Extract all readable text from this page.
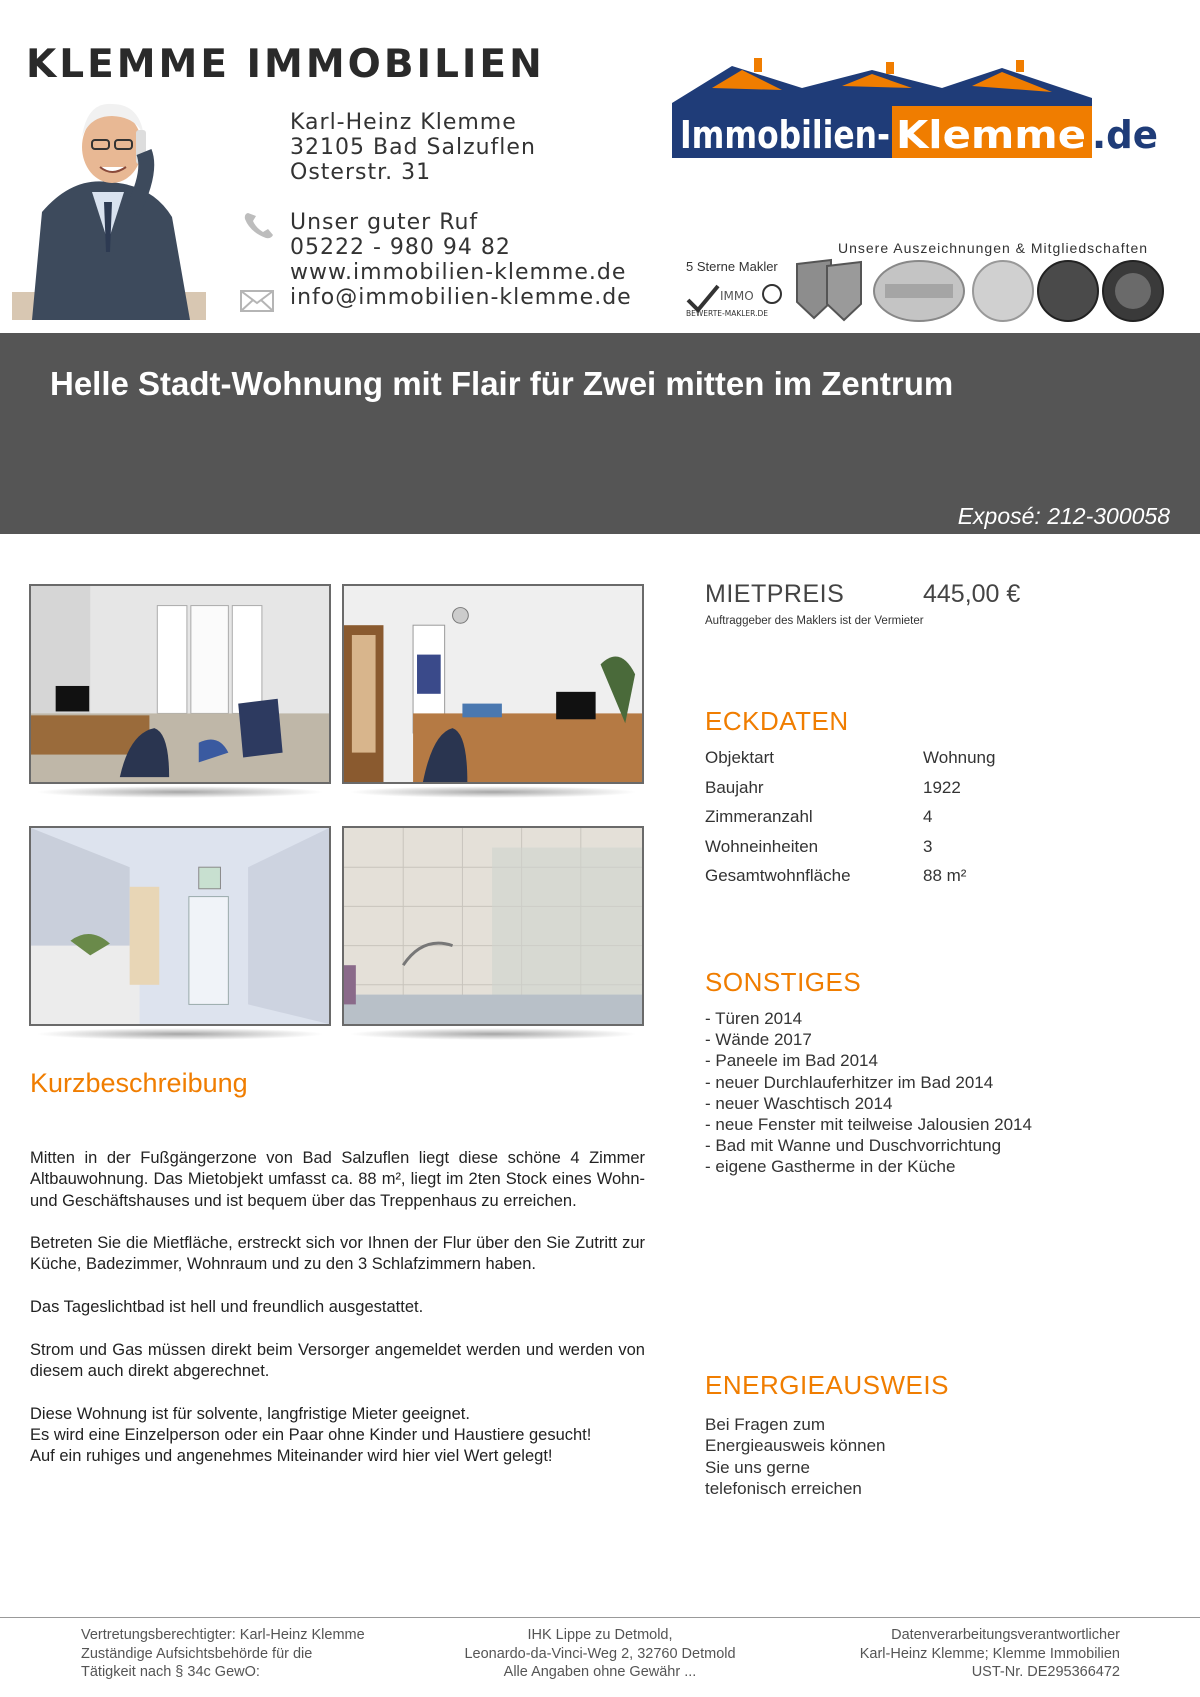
KLEMME IMMOBILIEN
Karl-Heinz Klemme
32105 Bad Salzuflen
Osterstr. 31
Unser guter Ruf
05222 - 980 94 82
www.immobilien-klemme.de
info@immobilien-klemme.de
Immobilien- Klemme .de
Unsere Auszeichnungen & Mitgliedschaften
5 Sterne Makler
IMMO
BEWERTE-MAKLER.DE
Helle Stadt-Wohnung mit Flair für Zwei mitten im Zentrum
Exposé: 212-300058
Kurzbeschreibung

Mitten in der Fußgängerzone von Bad Salzuflen liegt diese schöne 4 Zimmer Altbauwohnung. Das Mietobjekt umfasst ca. 88 m², liegt im 2ten Stock eines Wohn- und Geschäftshauses und ist bequem über das Treppenhaus zu erreichen.

Betreten Sie die Mietfläche, erstreckt sich vor Ihnen der Flur über den Sie Zutritt zur Küche, Badezimmer, Wohnraum und zu den 3 Schlafzimmern haben.

Das Tageslichtbad ist hell und freundlich ausgestattet.

Strom und Gas müssen direkt beim Versorger angemeldet werden und werden von diesem auch direkt abgerechnet.

Diese Wohnung ist für solvente, langfristige Mieter geeignet.
Es wird eine Einzelperson oder ein Paar ohne Kinder und Haustiere gesucht!
Auf ein ruhiges und angenehmes Miteinander wird hier viel Wert gelegt!

MIETPREIS	445,00 €
Auftraggeber des Maklers ist der Vermieter
ECKDATEN
Objektart	Wohnung
Baujahr	1922
Zimmeranzahl	4
Wohneinheiten	3
Gesamtwohnfläche	88 m²
SONSTIGES
- Türen 2014
- Wände 2017
- Paneele im Bad 2014
- neuer Durchlauferhitzer im Bad 2014
- neuer Waschtisch 2014
- neue Fenster mit teilweise Jalousien 2014
- Bad mit Wanne und Duschvorrichtung
- eigene Gastherme in der Küche
ENERGIEAUSWEIS
Bei Fragen zum
Energieausweis können
Sie uns gerne
telefonisch erreichen
Vertretungsberechtigter: Karl-Heinz Klemme
Zuständige Aufsichtsbehörde für die
Tätigkeit nach § 34c GewO:
IHK Lippe zu Detmold,
Leonardo-da-Vinci-Weg 2, 32760 Detmold
Alle Angaben ohne Gewähr ...
Datenverarbeitungsverantwortlicher
Karl-Heinz Klemme; Klemme Immobilien
UST-Nr. DE295366472
